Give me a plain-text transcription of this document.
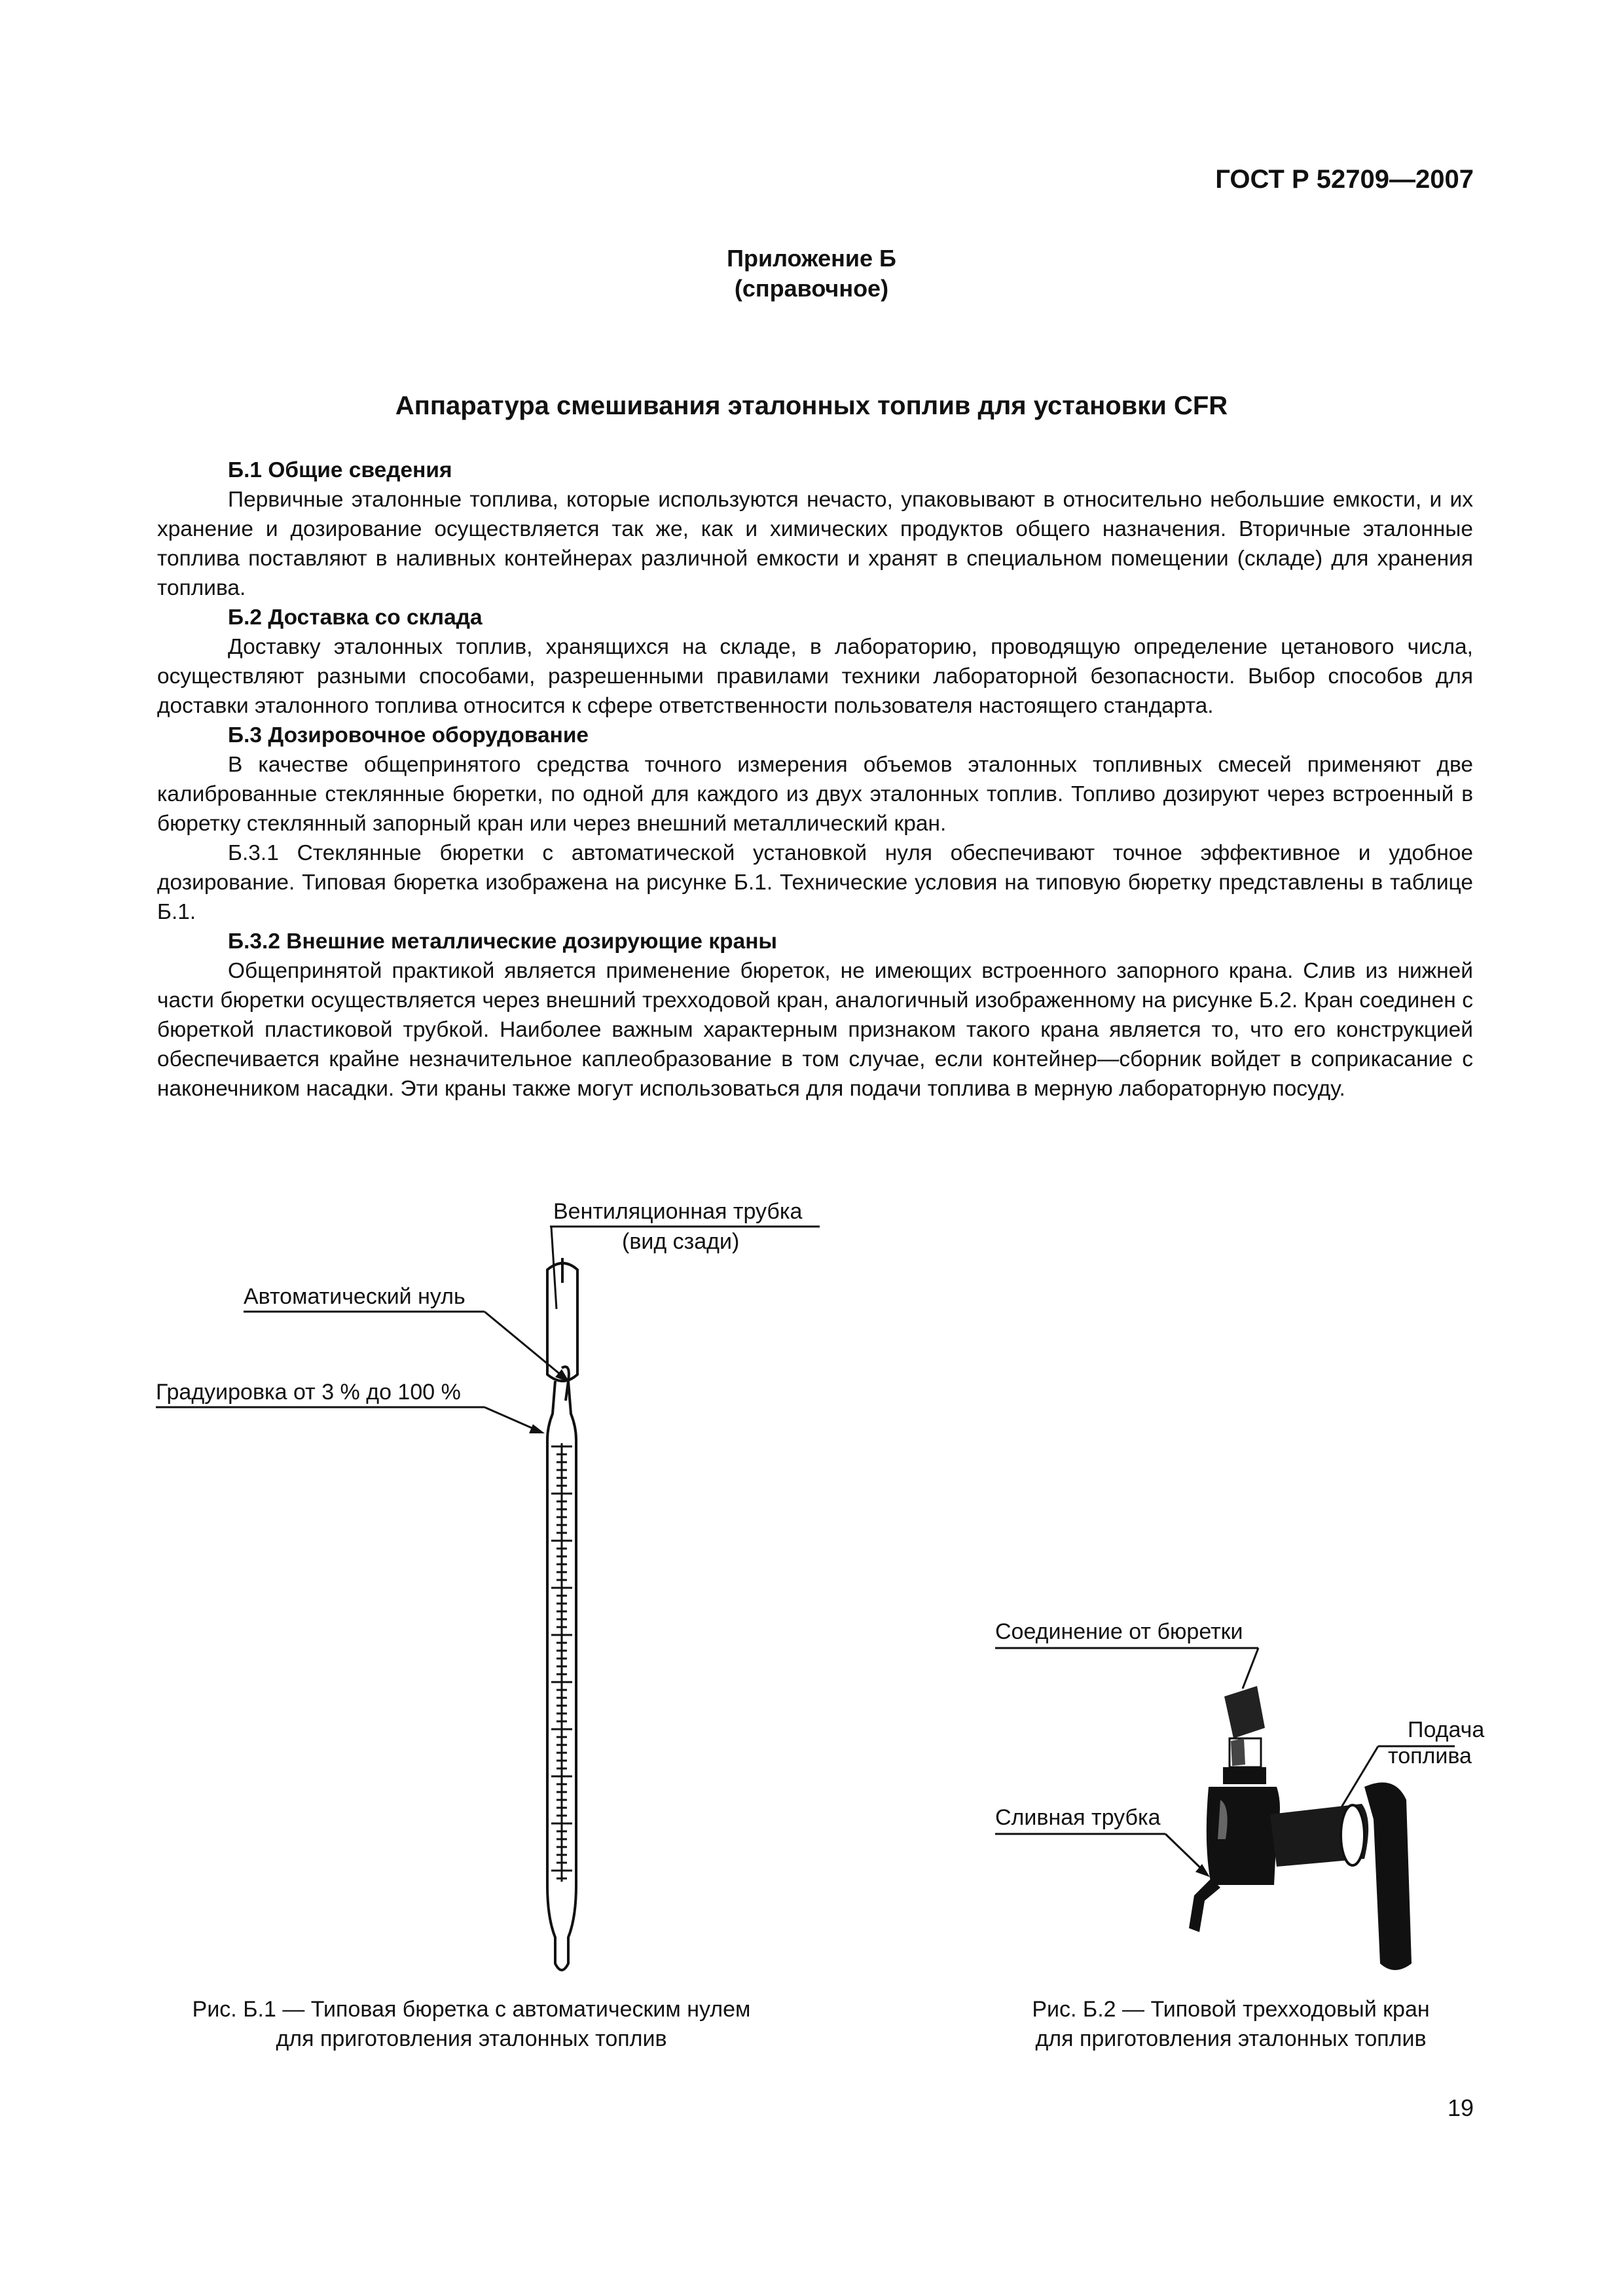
ГОСТ Р 52709—2007
Приложение Б
(справочное)
Аппаратура смешивания эталонных топлив для установки CFR
Б.1 Общие сведения

Первичные эталонные топлива, которые используются нечасто, упаковывают в относительно небольшие емкости, и их хранение и дозирование осуществляется так же, как и химических продуктов общего назначения. Вторичные эталонные топлива поставляют в наливных контейнерах различной емкости и хранят в специальном помещении (складе) для хранения топлива.

Б.2 Доставка со склада

Доставку эталонных топлив, хранящихся на складе, в лабораторию, проводящую определение цетанового числа, осуществляют разными способами, разрешенными правилами техники лабораторной безопасности. Выбор способов для доставки эталонного топлива относится к сфере ответственности пользователя настоящего стандарта.

Б.3 Дозировочное оборудование

В качестве общепринятого средства точного измерения объемов эталонных топливных смесей применяют две калиброванные стеклянные бюретки, по одной для каждого из двух эталонных топлив. Топливо дозируют через встроенный в бюретку стеклянный запорный кран или через внешний металлический кран.

Б.3.1 Стеклянные бюретки с автоматической установкой нуля обеспечивают точное эффективное и удобное дозирование. Типовая бюретка изображена на рисунке Б.1. Технические условия на типовую бюретку представлены в таблице Б.1.

Б.3.2 Внешние металлические дозирующие краны

Общепринятой практикой является применение бюреток, не имеющих встроенного запорного крана. Слив из нижней части бюретки осуществляется через внешний трехходовой кран, аналогичный изображенному на рисунке Б.2. Кран соединен с бюреткой пластиковой трубкой. Наиболее важным характерным признаком такого крана является то, что его конструкцией обеспечивается крайне незначительное каплеобразование в том случае, если контейнер—сборник войдет в соприкасание с наконечником насадки. Эти краны также могут использоваться для подачи топлива в мерную лабораторную посуду.

Вентиляционная трубка
(вид сзади)
Автоматический нуль
Градуировка от 3 % до 100 %
Рис. Б.1 — Типовая бюретка с автоматическим нулем
для приготовления эталонных топлив
Соединение от бюретки
Подача
топлива
Сливная трубка
Рис. Б.2 — Типовой трехходовый кран
для приготовления эталонных топлив
19
